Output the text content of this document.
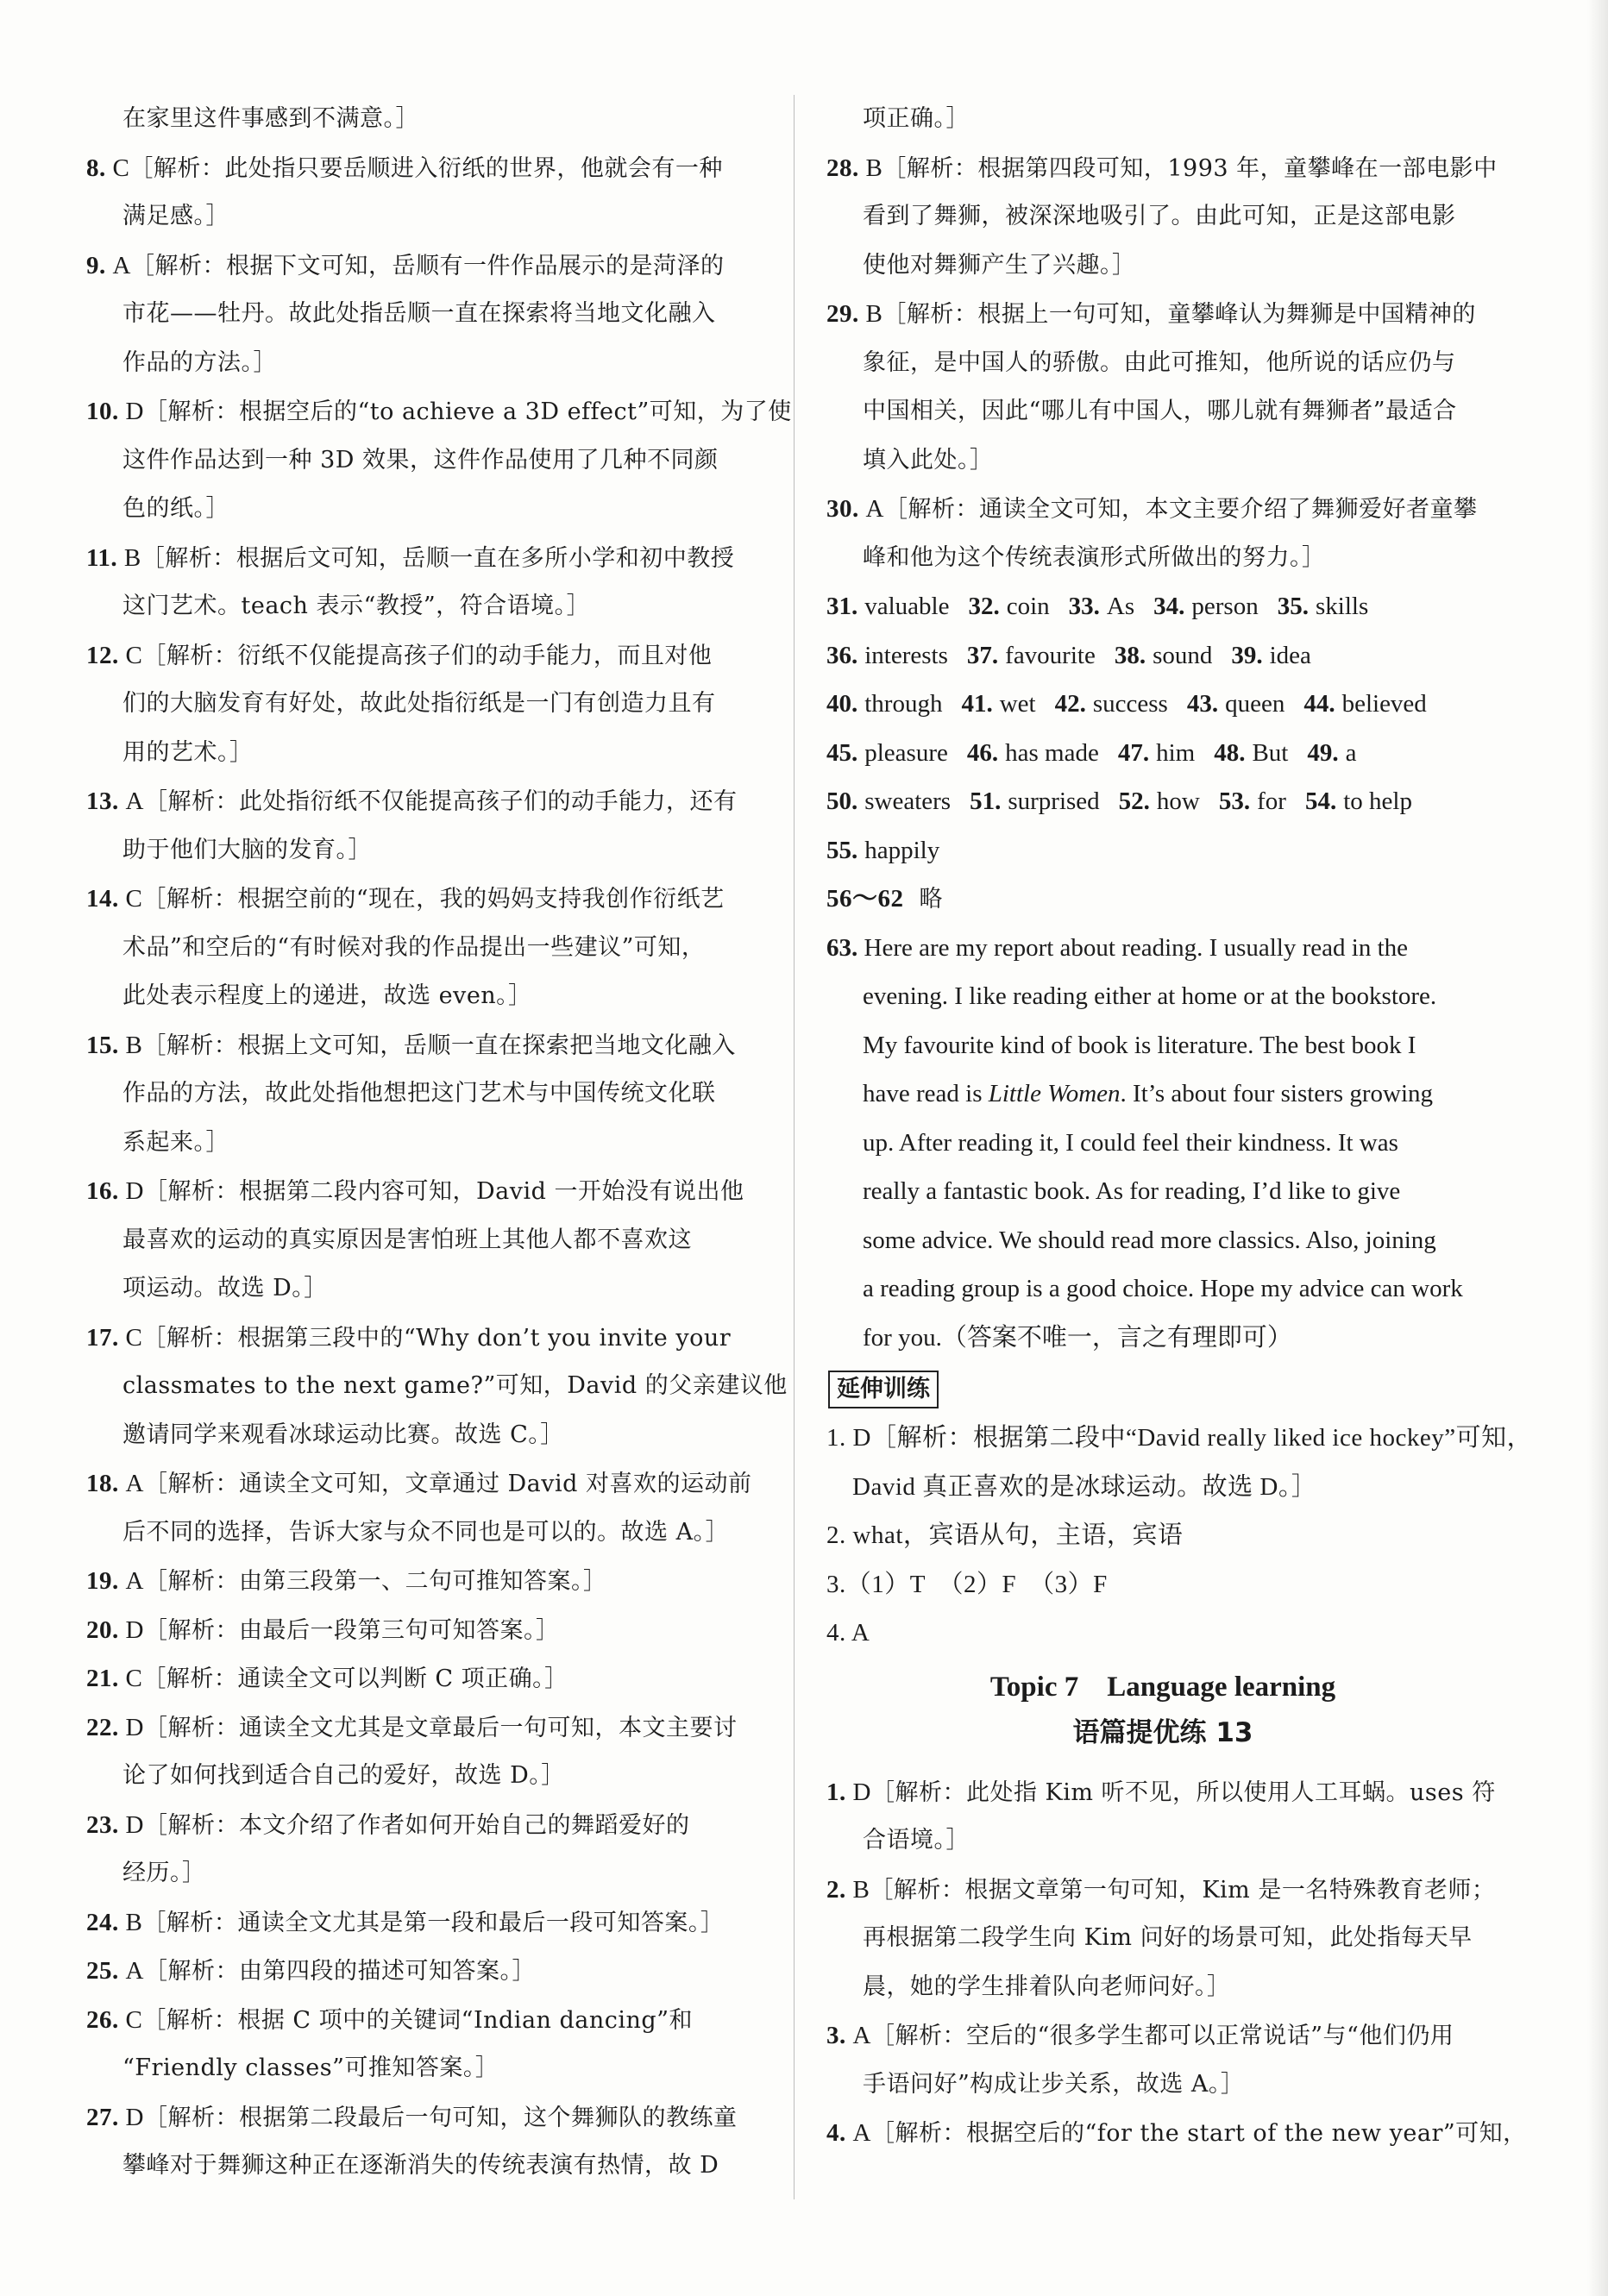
在家里这件事感到不满意。］
8. C［解析：此处指只要岳顺进入衍纸的世界，他就会有一种
满足感。］
9. A［解析：根据下文可知，岳顺有一件作品展示的是菏泽的
市花——牡丹。故此处指岳顺一直在探索将当地文化融入
作品的方法。］
10. D［解析：根据空后的“to achieve a 3D effect”可知，为了使
这件作品达到一种 3D 效果，这件作品使用了几种不同颜
色的纸。］
11. B［解析：根据后文可知，岳顺一直在多所小学和初中教授
这门艺术。teach 表示“教授”，符合语境。］
12. C［解析：衍纸不仅能提高孩子们的动手能力，而且对他
们的大脑发育有好处，故此处指衍纸是一门有创造力且有
用的艺术。］
13. A［解析：此处指衍纸不仅能提高孩子们的动手能力，还有
助于他们大脑的发育。］
14. C［解析：根据空前的“现在，我的妈妈支持我创作衍纸艺
术品”和空后的“有时候对我的作品提出一些建议”可知，
此处表示程度上的递进，故选 even。］
15. B［解析：根据上文可知，岳顺一直在探索把当地文化融入
作品的方法，故此处指他想把这门艺术与中国传统文化联
系起来。］
16. D［解析：根据第二段内容可知，David 一开始没有说出他
最喜欢的运动的真实原因是害怕班上其他人都不喜欢这
项运动。故选 D。］
17. C［解析：根据第三段中的“Why don’t you invite your
classmates to the next game?”可知，David 的父亲建议他
邀请同学来观看冰球运动比赛。故选 C。］
18. A［解析：通读全文可知，文章通过 David 对喜欢的运动前
后不同的选择，告诉大家与众不同也是可以的。故选 A。］
19. A［解析：由第三段第一、二句可推知答案。］
20. D［解析：由最后一段第三句可知答案。］
21. C［解析：通读全文可以判断 C 项正确。］
22. D［解析：通读全文尤其是文章最后一句可知，本文主要讨
论了如何找到适合自己的爱好，故选 D。］
23. D［解析：本文介绍了作者如何开始自己的舞蹈爱好的
经历。］
24. B［解析：通读全文尤其是第一段和最后一段可知答案。］
25. A［解析：由第四段的描述可知答案。］
26. C［解析：根据 C 项中的关键词“Indian dancing”和
“Friendly classes”可推知答案。］
27. D［解析：根据第二段最后一句可知，这个舞狮队的教练童
攀峰对于舞狮这种正在逐渐消失的传统表演有热情，故 D
项正确。］
28. B［解析：根据第四段可知，1993 年，童攀峰在一部电影中
看到了舞狮，被深深地吸引了。由此可知，正是这部电影
使他对舞狮产生了兴趣。］
29. B［解析：根据上一句可知，童攀峰认为舞狮是中国精神的
象征，是中国人的骄傲。由此可推知，他所说的话应仍与
中国相关，因此“哪儿有中国人，哪儿就有舞狮者”最适合
填入此处。］
30. A［解析：通读全文可知，本文主要介绍了舞狮爱好者童攀
峰和他为这个传统表演形式所做出的努力。］
31. valuable 32. coin 33. As 34. person 35. skills
36. interests 37. favourite 38. sound 39. idea
40. through 41. wet 42. success 43. queen 44. believed
45. pleasure 46. has made 47. him 48. But 49. a
50. sweaters 51. surprised 52. how 53. for 54. to help
55. happily
56～62 略
63. Here are my report about reading. I usually read in the
evening. I like reading either at home or at the bookstore.
My favourite kind of book is literature. The best book I
have read is Little Women. It’s about four sisters growing
up. After reading it, I could feel their kindness. It was
really a fantastic book. As for reading, I’d like to give
some advice. We should read more classics. Also, joining
a reading group is a good choice. Hope my advice can work
for you.（答案不唯一，言之有理即可）
延伸训练
1. D［解析：根据第二段中“David really liked ice hockey”可知，
David 真正喜欢的是冰球运动。故选 D。］
2. what，宾语从句，主语，宾语
3.（1）T　（2）F　（3）F
4. A
Topic 7　Language learning
语篇提优练 13
1. D［解析：此处指 Kim 听不见，所以使用人工耳蜗。uses 符
合语境。］
2. B［解析：根据文章第一句可知，Kim 是一名特殊教育老师；
再根据第二段学生向 Kim 问好的场景可知，此处指每天早
晨，她的学生排着队向老师问好。］
3. A［解析：空后的“很多学生都可以正常说话”与“他们仍用
手语问好”构成让步关系，故选 A。］
4. A［解析：根据空后的“for the start of the new year”可知，
